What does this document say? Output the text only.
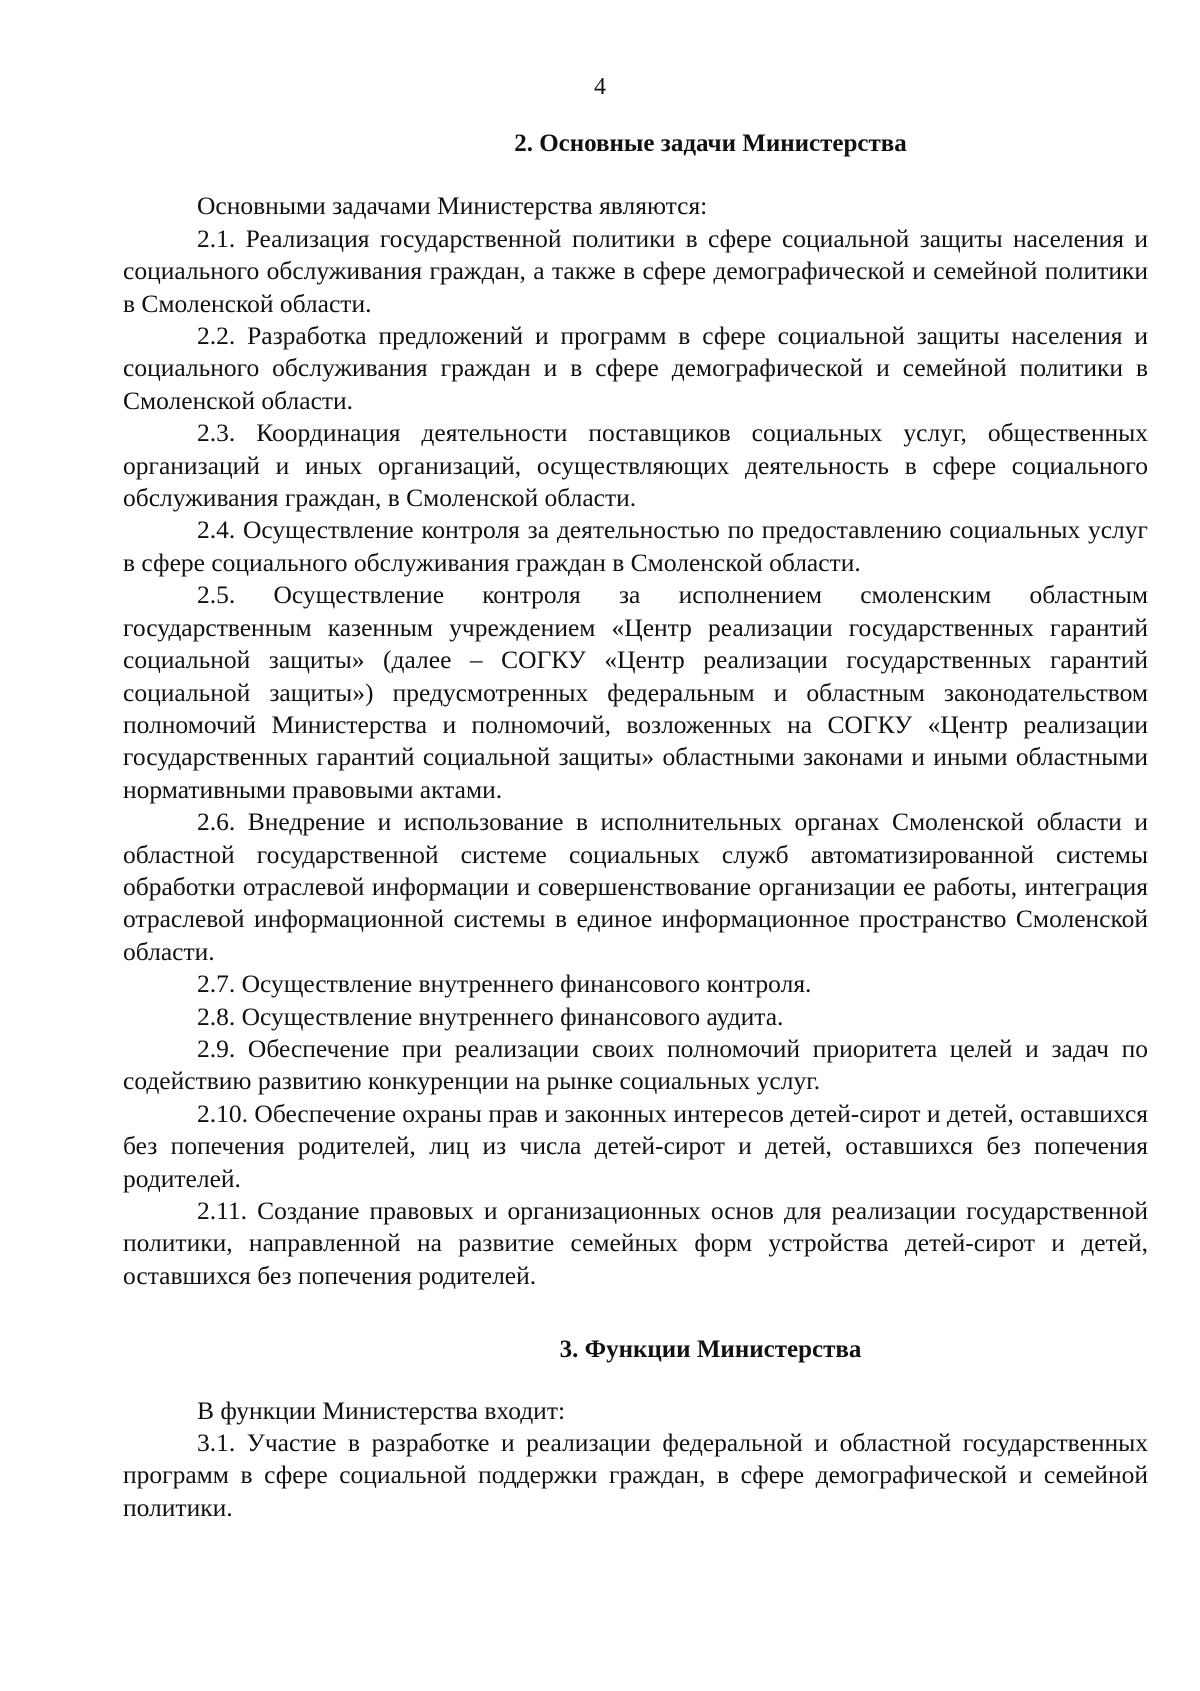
4

2. Основные задачи Министерства

Основными задачами Министерства являются:

2.1. Реализация государственной политики в сфере социальной защиты населения и социального обслуживания граждан, а также в сфере демографической и семейной политики в Смоленской области.

2.2. Разработка предложений и программ в сфере социальной защиты населения и социального обслуживания граждан и в сфере демографической и семейной политики в Смоленской области.

2.3. Координация деятельности поставщиков социальных услуг, общественных организаций и иных организаций, осуществляющих деятельность в сфере социального обслуживания граждан, в Смоленской области.

2.4. Осуществление контроля за деятельностью по предоставлению социальных услуг в сфере социального обслуживания граждан в Смоленской области.

2.5. Осуществление контроля за исполнением смоленским областным государственным казенным учреждением «Центр реализации государственных гарантий социальной защиты» (далее – СОГКУ «Центр реализации государственных гарантий социальной защиты») предусмотренных федеральным и областным законодательством полномочий Министерства и полномочий, возложенных на СОГКУ «Центр реализации государственных гарантий социальной защиты» областными законами и иными областными нормативными правовыми актами.

2.6. Внедрение и использование в исполнительных органах Смоленской области и областной государственной системе социальных служб автоматизированной системы обработки отраслевой информации и совершенствование организации ее работы, интеграция отраслевой информационной системы в единое информационное пространство Смоленской области.

2.7. Осуществление внутреннего финансового контроля.

2.8. Осуществление внутреннего финансового аудита.

2.9. Обеспечение при реализации своих полномочий приоритета целей и задач по содействию развитию конкуренции на рынке социальных услуг.

2.10. Обеспечение охраны прав и законных интересов детей-сирот и детей, оставшихся без попечения родителей, лиц из числа детей-сирот и детей, оставшихся без попечения родителей.

2.11. Создание правовых и организационных основ для реализации государственной политики, направленной на развитие семейных форм устройства детей-сирот и детей, оставшихся без попечения родителей.

3. Функции Министерства

В функции Министерства входит:

3.1. Участие в разработке и реализации федеральной и областной государственных программ в сфере социальной поддержки граждан, в сфере демографической и семейной политики.
